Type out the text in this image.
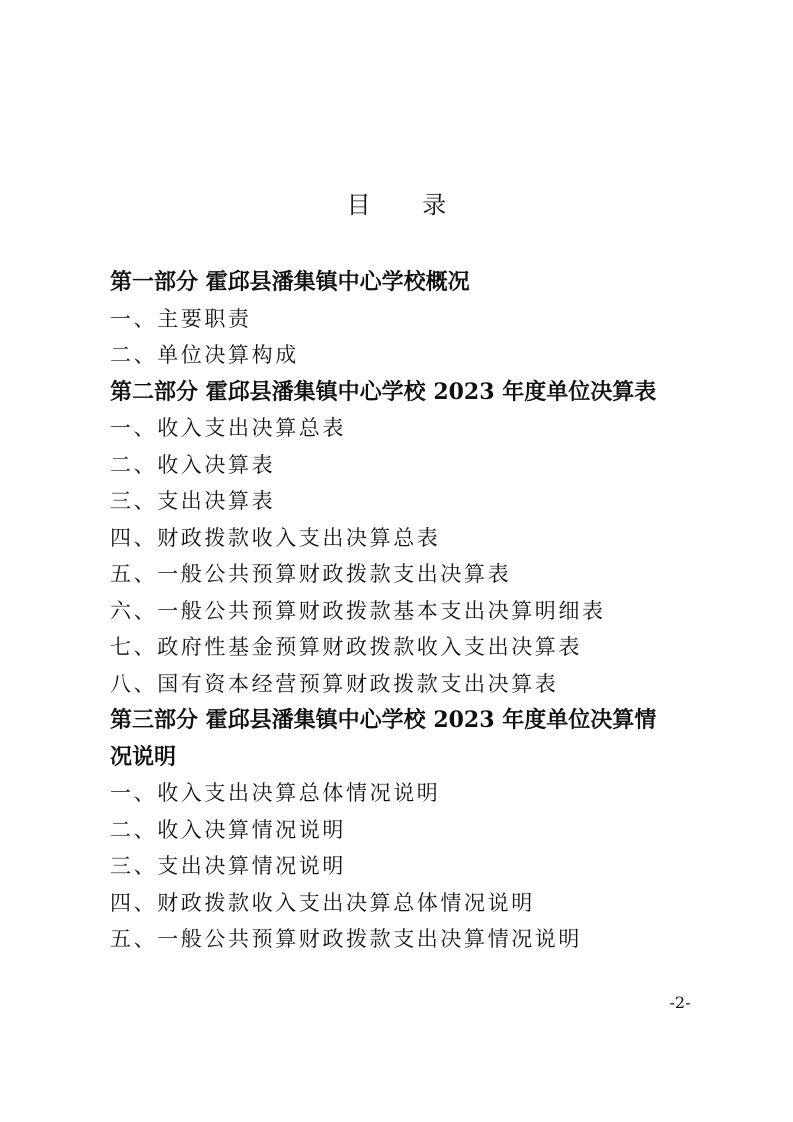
目 录
第一部分 霍邱县潘集镇中心学校概况
一、主要职责
二、单位决算构成
第二部分 霍邱县潘集镇中心学校 2023 年度单位决算表
一、收入支出决算总表
二、收入决算表
三、支出决算表
四、财政拨款收入支出决算总表
五、一般公共预算财政拨款支出决算表
六、一般公共预算财政拨款基本支出决算明细表
七、政府性基金预算财政拨款收入支出决算表
八、国有资本经营预算财政拨款支出决算表
第三部分 霍邱县潘集镇中心学校 2023 年度单位决算情
况说明
一、收入支出决算总体情况说明
二、收入决算情况说明
三、支出决算情况说明
四、财政拨款收入支出决算总体情况说明
五、一般公共预算财政拨款支出决算情况说明
-2-
